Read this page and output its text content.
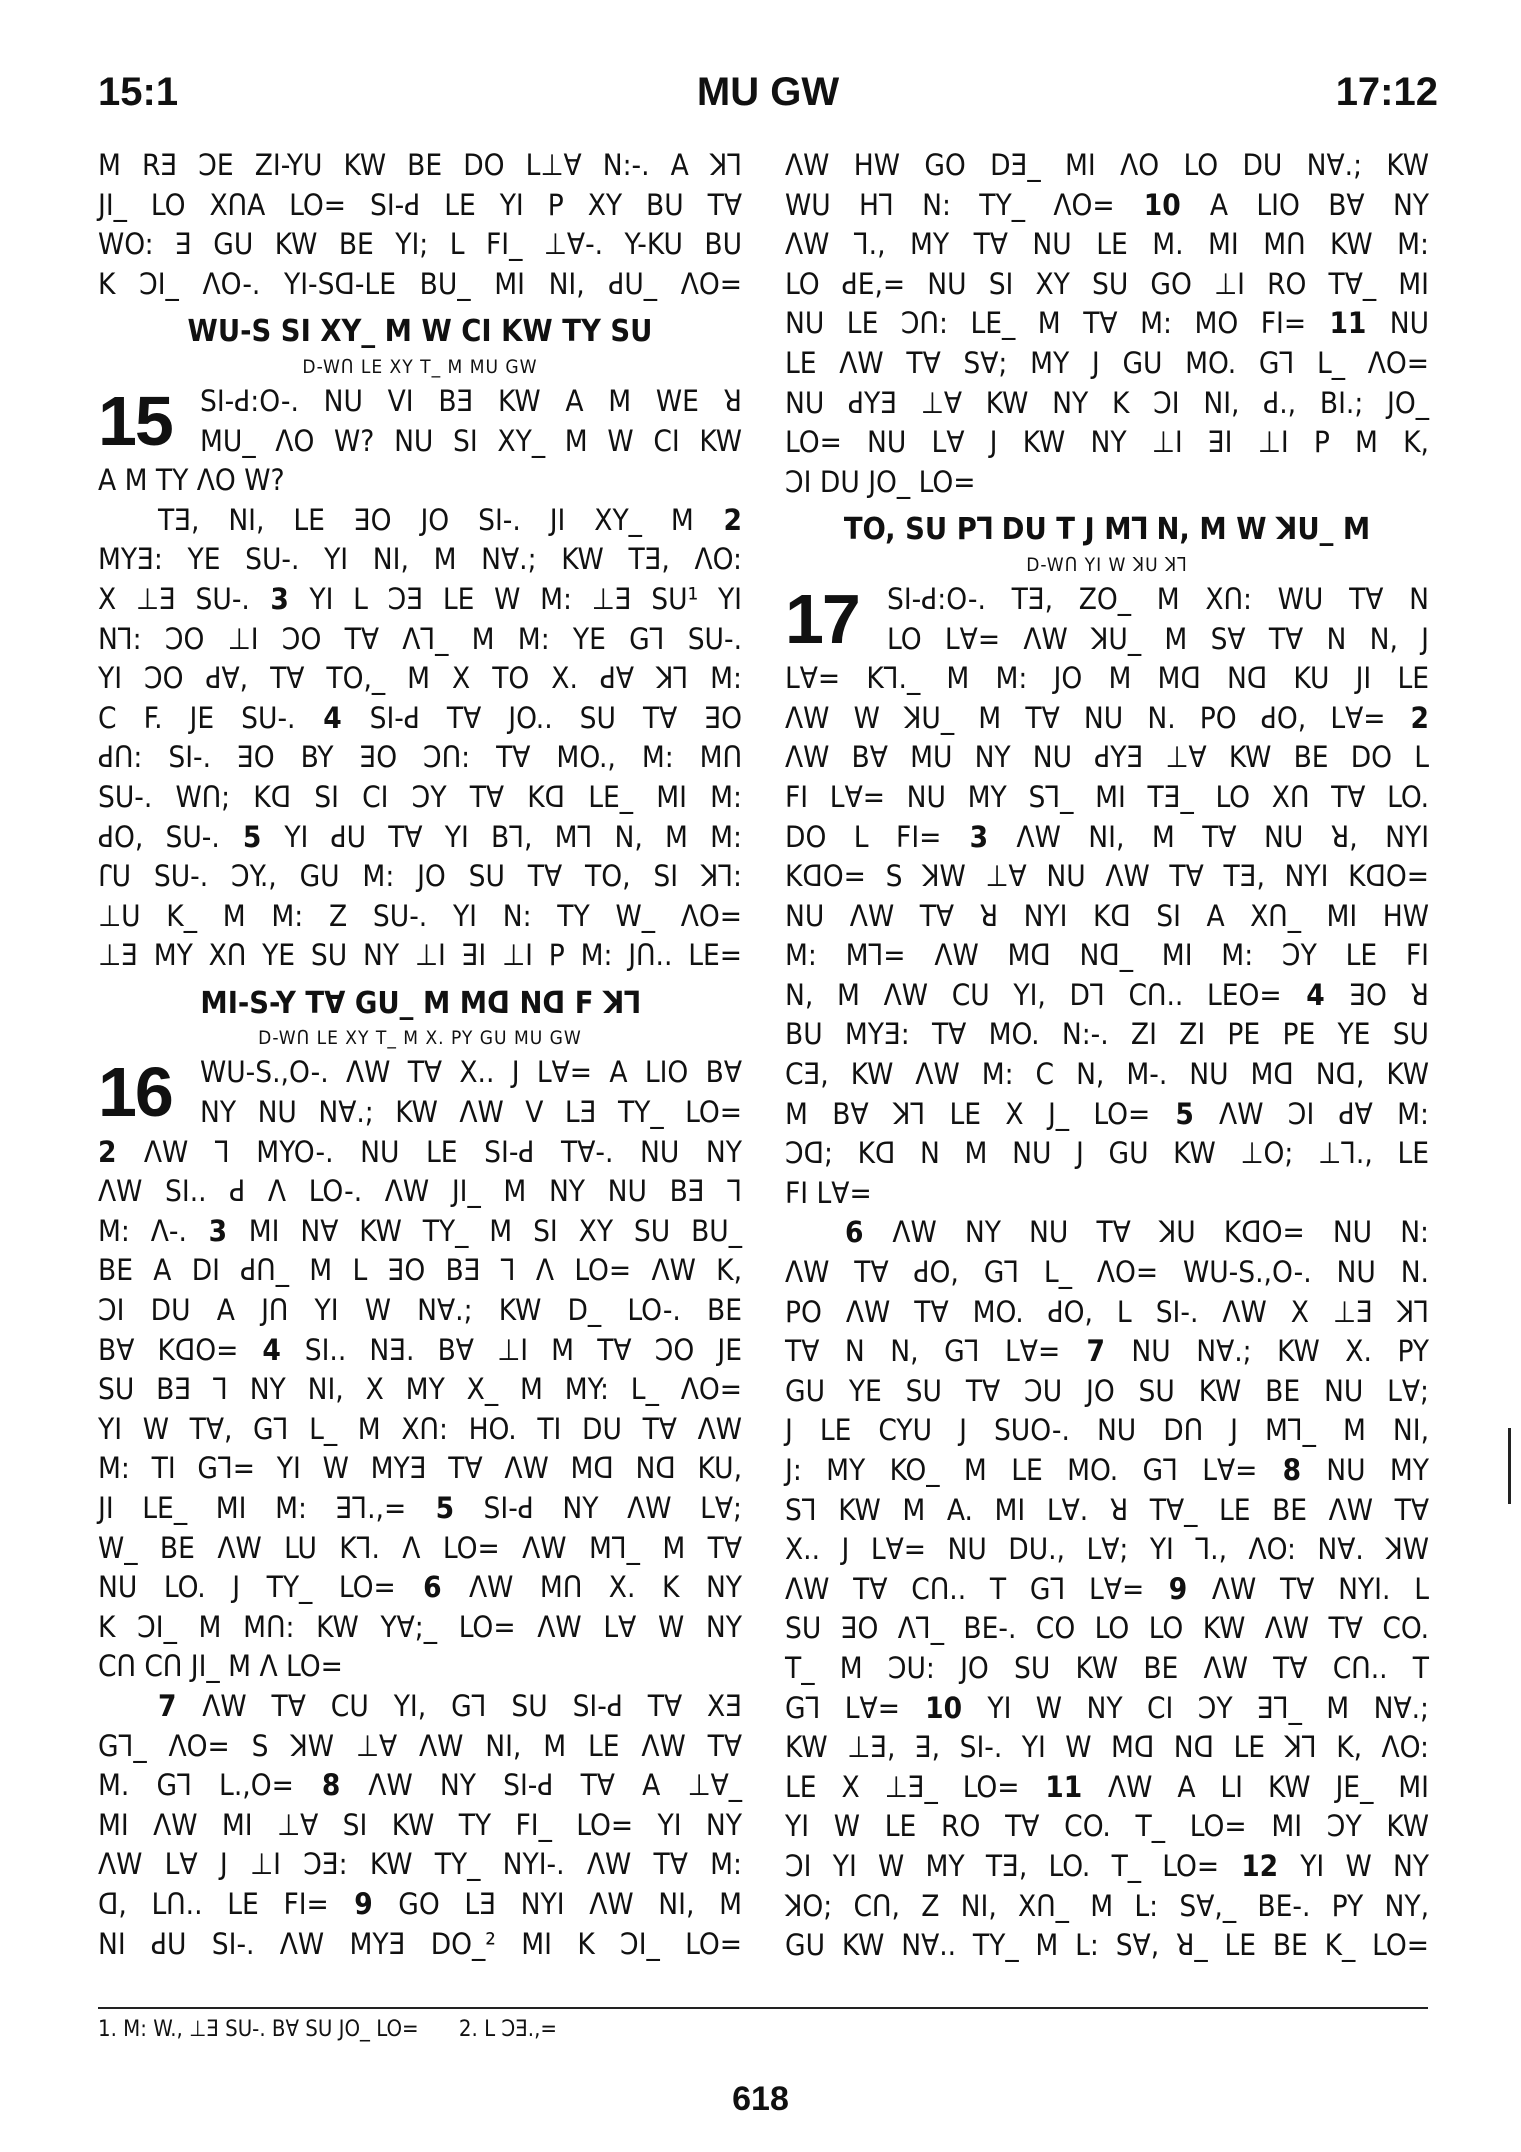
15:1	MU GW	17:12
M RƎ ƆE ZI-YU KW BE DO L⊥Ɐ N:-. A ꓘꓶ
JI_ LO XꓵA LO= SI-ꓒ LE YI P XY BU TⱯ
WO: ꓱ GU KW BE YI; L FI_ ⊥Ɐ-. Y-KU BU
K ƆI_ ɅO-. YI-Sꓷ-LE BU_ MI NI, ꓒU_ ɅO=
WU-S SI XY_ M W CI KW TY SU
D-Wꓵ LE XY T_ M MU GW
15 SI-ꓒ:O-. NU VI BƎ KW A M WE ꓤ
MU_ ɅO W? NU SI XY_ M W CI KW
A M TY ɅO W?
TƎ, NI, LE ꓱO JO SI-. JI XY_ M 2
MYƎ: YE SU-. YI NI, M NⱯ.; KW TƎ, ɅO:
X ⊥Ǝ SU-. 3 YI L ƆƎ LE W M: ⊥Ǝ SU¹ YI
Nꓶ: ƆO ⊥I ƆO TⱯ Ʌꓶ_ M M: YE Gꓶ SU-.
YI ƆO ꓒⱯ, TⱯ TO,_ M X TO X. ꓒⱯ ꓘꓶ M:
C F. JE SU-. 4 SI-ꓒ TⱯ JO.. SU TⱯ ꓱO
ꓒꓵ: SI-. ꓱO BY ꓱO Ɔꓵ: TⱯ MO., M: Mꓵ
SU-. Wꓵ; Kꓷ SI CI ƆY TⱯ Kꓷ LE_ MI M:
ꓒO, SU-. 5 YI ꓒU TⱯ YI Bꓶ, Mꓶ N, M M:
ꓩU SU-. ƆY., GU M: JO SU TⱯ TO, SI ꓘꓶ:
⊥U K_ M M: Z SU-. YI N: TY W_ ɅO=
⊥Ǝ MY Xꓵ YE SU NY ⊥I ꓱI ⊥I P M: Jꓵ.. LE=
MI-S-Y TⱯ GU_ M Mꓷ Nꓷ F ꓘꓶ
D-Wꓵ LE XY T_ M X. PY GU MU GW
16 WU-S.,O-. ɅW TⱯ X.. J LⱯ= A LIO BⱯ
NY NU NⱯ.; KW ɅW V LƎ TY_ LO=
2 ɅW ꓶ MYO-. NU LE SI-ꓒ TⱯ-. NU NY
ɅW SI.. ꓒ Ʌ LO-. ɅW JI_ M NY NU BƎ ꓶ
M: Ʌ-. 3 MI NⱯ KW TY_ M SI XY SU BU_
BE A DI ꓒꓵ_ M L ꓱO BƎ ꓶ Ʌ LO= ɅW K,
ƆI DU A Jꓵ YI W NⱯ.; KW D_ LO-. BE
BⱯ KꓷO= 4 SI.. NƎ. BⱯ ⊥I M TⱯ ƆO JE
SU BƎ ꓶ NY NI, X MY X_ M MY: L_ ɅO=
YI W TⱯ, Gꓶ L_ M Xꓵ: HO. TI DU TⱯ ɅW
M: TI Gꓶ= YI W MYƎ TⱯ ɅW Mꓷ Nꓷ KU,
JI LE_ MI M: ꓱꓶ.,= 5 SI-ꓒ NY ɅW LⱯ;
W_ BE ɅW LU Kꓶ. Ʌ LO= ɅW Mꓶ_ M TⱯ
NU LO. J TY_ LO= 6 ɅW Mꓵ X. K NY
K ƆI_ M Mꓵ: KW YⱯ;_ LO= ɅW LⱯ W NY
Cꓵ Cꓵ JI_ M Ʌ LO=
7 ɅW TⱯ CU YI, Gꓶ SU SI-ꓒ TⱯ XƎ
Gꓶ_ ɅO= S ꓘW ⊥Ɐ ɅW NI, M LE ɅW TⱯ
M. Gꓶ L.,O= 8 ɅW NY SI-ꓒ TⱯ A ⊥Ɐ_
MI ɅW MI ⊥Ɐ SI KW TY FI_ LO= YI NY
ɅW LⱯ J ⊥I ƆƎ: KW TY_ NYI-. ɅW TⱯ M:
ꓷ, Lꓵ.. LE FI= 9 GO LƎ NYI ɅW NI, M
NI ꓒU SI-. ɅW MYƎ DO_² MI K ƆI_ LO=
ɅW HW GO DƎ_ MI ɅO LO DU NⱯ.; KW
WU Hꓶ N: TY_ ɅO= 10 A LIO BⱯ NY
ɅW ꓶ., MY TⱯ NU LE M. MI Mꓵ KW M:
LO ꓒE,= NU SI XY SU GO ⊥I RO TⱯ_ MI
NU LE Ɔꓵ: LE_ M TⱯ M: MO FI= 11 NU
LE ɅW TⱯ SⱯ; MY J GU MO. Gꓶ L_ ɅO=
NU ꓒYƎ ⊥Ɐ KW NY K ƆI NI, ꓒ., BI.; JO_
LO= NU LⱯ J KW NY ⊥I ꓱI ⊥I P M K,
ƆI DU JO_ LO=
TO, SU Pꓶ DU T J Mꓶ N, M W ꓘU_ M
D-Wꓵ YI W ꓘU ꓘꓶ
17 SI-ꓒ:O-. TƎ, ZO_ M Xꓵ: WU TⱯ N
LO LⱯ= ɅW ꓘU_ M SⱯ TⱯ N N, J
LⱯ= Kꓶ._ M M: JO M Mꓷ Nꓷ KU JI LE
ɅW W ꓘU_ M TⱯ NU N. PO ꓒO, LⱯ= 2
ɅW BⱯ MU NY NU ꓒYƎ ⊥Ɐ KW BE DO L
FI LⱯ= NU MY Sꓶ_ MI TƎ_ LO Xꓵ TⱯ LO.
DO L FI= 3 ɅW NI, M TⱯ NU ꓤ, NYI
KꓷO= S ꓘW ⊥Ɐ NU ɅW TⱯ TƎ, NYI KꓷO=
NU ɅW TⱯ ꓤ NYI Kꓷ SI A Xꓵ_ MI HW
M: Mꓶ= ɅW Mꓷ Nꓷ_ MI M: ƆY LE FI
N, M ɅW CU YI, Dꓶ Cꓵ.. LEO= 4 ꓱO ꓤ
BU MYƎ: TⱯ MO. N:-. ZI ZI PE PE YE SU
CƎ, KW ɅW M: C N, M-. NU Mꓷ Nꓷ, KW
M BⱯ ꓘꓶ LE X J_ LO= 5 ɅW ƆI ꓒⱯ M:
Ɔꓷ; Kꓷ N M NU J GU KW ⊥O; ⊥ꓶ., LE
FI LⱯ=
6 ɅW NY NU TⱯ ꓘU KꓷO= NU N:
ɅW TⱯ ꓒO, Gꓶ L_ ɅO= WU-S.,O-. NU N.
PO ɅW TⱯ MO. ꓒO, L SI-. ɅW X ⊥Ǝ ꓘꓶ
TⱯ N N, Gꓶ LⱯ= 7 NU NⱯ.; KW X. PY
GU YE SU TⱯ ƆU JO SU KW BE NU LⱯ;
J LE CYU J SUO-. NU Dꓵ J Mꓶ_ M NI,
J: MY KO_ M LE MO. Gꓶ LⱯ= 8 NU MY
Sꓶ KW M A. MI LⱯ. ꓤ TⱯ_ LE BE ɅW TⱯ
X.. J LⱯ= NU DU., LⱯ; YI ꓶ., ɅO: NⱯ. ꓘW
ɅW TⱯ Cꓵ.. T Gꓶ LⱯ= 9 ɅW TⱯ NYI. L
SU ꓱO Ʌꓶ_ BE-. CO LO LO KW ɅW TⱯ CO.
T_ M ƆU: JO SU KW BE ɅW TⱯ Cꓵ.. T
Gꓶ LⱯ= 10 YI W NY CI ƆY ꓱꓶ_ M NⱯ.;
KW ⊥Ǝ, ꓱ, SI-. YI W Mꓷ Nꓷ LE ꓘꓶ K, ɅO:
LE X ⊥Ǝ_ LO= 11 ɅW A LI KW JE_ MI
YI W LE RO TⱯ CO. T_ LO= MI ƆY KW
ƆI YI W MY TƎ, LO. T_ LO= 12 YI W NY
ꓘO; Cꓵ, Z NI, Xꓵ_ M L: SⱯ,_ BE-. PY NY,
GU KW NⱯ.. TY_ M L: SⱯ, ꓤ_ LE BE K_ LO=
1. M: W., ⊥Ǝ SU-. BⱯ SU JO_ LO= 2. L ƆƎ.,=
618
